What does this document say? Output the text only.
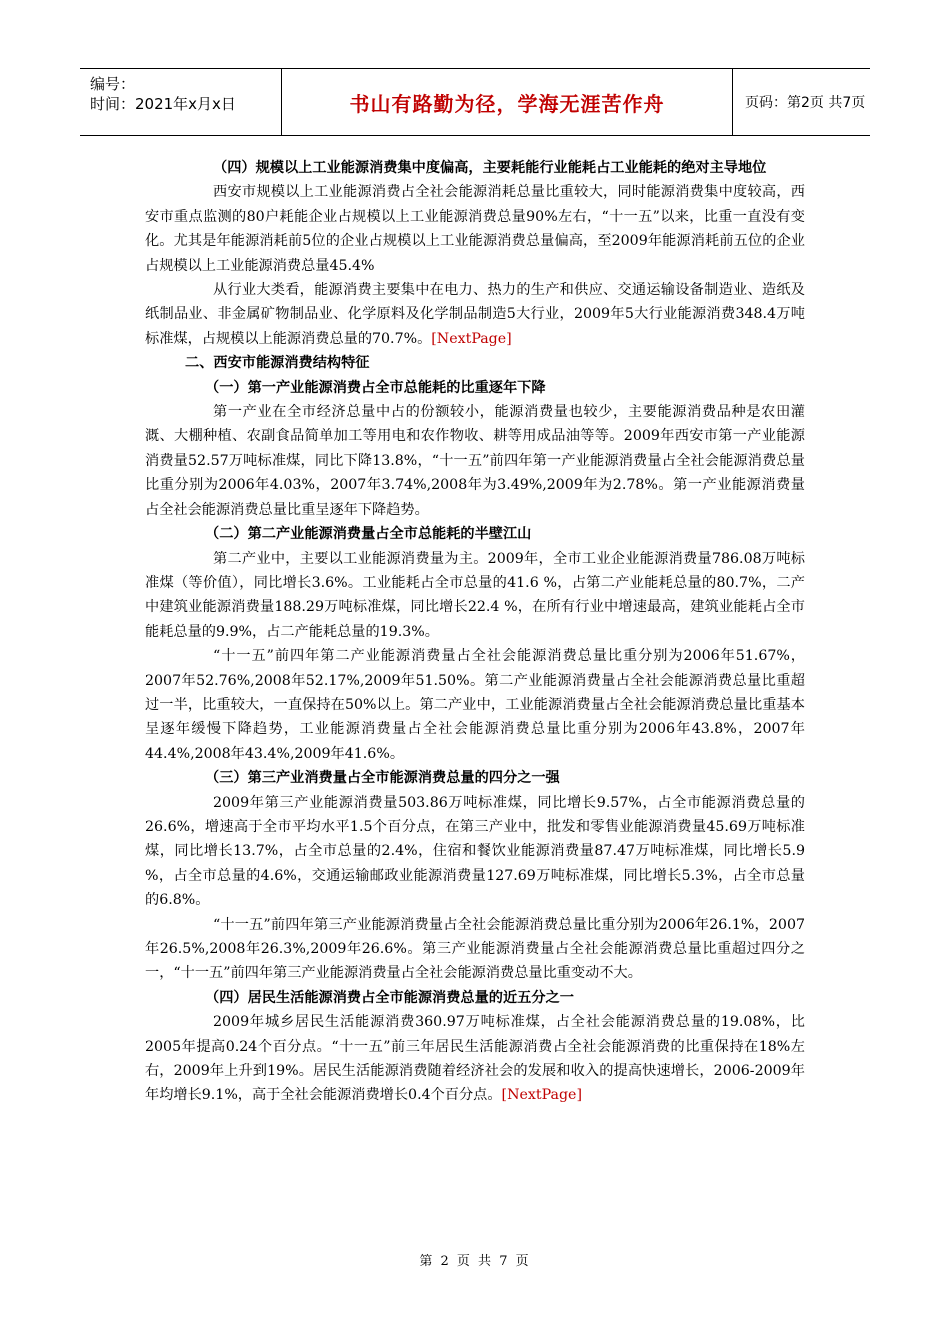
编号：
时间：2021年x月x日	书山有路勤为径，学海无涯苦作舟	页码：第2页 共7页

（四）规模以上工业能源消费集中度偏高，主要耗能行业能耗占工业能耗的绝对主导地位

西安市规模以上工业能源消费占全社会能源消耗总量比重较大，同时能源消费集中度较高，西安市重点监测的80户耗能企业占规模以上工业能源消费总量90%左右，“十一五”以来，比重一直没有变化。尤其是年能源消耗前5位的企业占规模以上工业能源消费总量偏高，至2009年能源消耗前五位的企业占规模以上工业能源消费总量45.4%

从行业大类看，能源消费主要集中在电力、热力的生产和供应、交通运输设备制造业、造纸及纸制品业、非金属矿物制品业、化学原料及化学制品制造5大行业，2009年5大行业能源消费348.4万吨标准煤，占规模以上能源消费总量的70.7%。[NextPage]

二、西安市能源消费结构特征

（一）第一产业能源消费占全市总能耗的比重逐年下降

第一产业在全市经济总量中占的份额较小，能源消费量也较少，主要能源消费品种是农田灌溉、大棚种植、农副食品简单加工等用电和农作物收、耕等用成品油等等。2009年西安市第一产业能源消费量52.57万吨标准煤，同比下降13.8%，“十一五”前四年第一产业能源消费量占全社会能源消费总量比重分别为2006年4.03%，2007年3.74%,2008年为3.49%,2009年为2.78%。第一产业能源消费量占全社会能源消费总量比重呈逐年下降趋势。

（二）第二产业能源消费量占全市总能耗的半壁江山

第二产业中，主要以工业能源消费量为主。2009年，全市工业企业能源消费量786.08万吨标准煤（等价值），同比增长3.6%。工业能耗占全市总量的41.6 %，占第二产业能耗总量的80.7%，二产中建筑业能源消费量188.29万吨标准煤，同比增长22.4 %，在所有行业中增速最高，建筑业能耗占全市能耗总量的9.9%，占二产能耗总量的19.3%。

“十一五”前四年第二产业能源消费量占全社会能源消费总量比重分别为2006年51.67%，2007年52.76%,2008年52.17%,2009年51.50%。第二产业能源消费量占全社会能源消费总量比重超过一半，比重较大，一直保持在50%以上。第二产业中，工业能源消费量占全社会能源消费总量比重基本呈逐年缓慢下降趋势，工业能源消费量占全社会能源消费总量比重分别为2006年43.8%，2007年44.4%,2008年43.4%,2009年41.6%。

（三）第三产业消费量占全市能源消费总量的四分之一强

2009年第三产业能源消费量503.86万吨标准煤，同比增长9.57%，占全市能源消费总量的26.6%，增速高于全市平均水平1.5个百分点，在第三产业中，批发和零售业能源消费量45.69万吨标准煤，同比增长13.7%，占全市总量的2.4%，住宿和餐饮业能源消费量87.47万吨标准煤，同比增长5.9 %，占全市总量的4.6%，交通运输邮政业能源消费量127.69万吨标准煤，同比增长5.3%，占全市总量的6.8%。

“十一五”前四年第三产业能源消费量占全社会能源消费总量比重分别为2006年26.1%，2007年26.5%,2008年26.3%,2009年26.6%。第三产业能源消费量占全社会能源消费总量比重超过四分之一，“十一五”前四年第三产业能源消费量占全社会能源消费总量比重变动不大。

（四）居民生活能源消费占全市能源消费总量的近五分之一

2009年城乡居民生活能源消费360.97万吨标准煤，占全社会能源消费总量的19.08%，比2005年提高0.24个百分点。“十一五”前三年居民生活能源消费占全社会能源消费的比重保持在18%左右，2009年上升到19%。居民生活能源消费随着经济社会的发展和收入的提高快速增长，2006-2009年年均增长9.1%，高于全社会能源消费增长0.4个百分点。[NextPage]

第 2 页 共 7 页
